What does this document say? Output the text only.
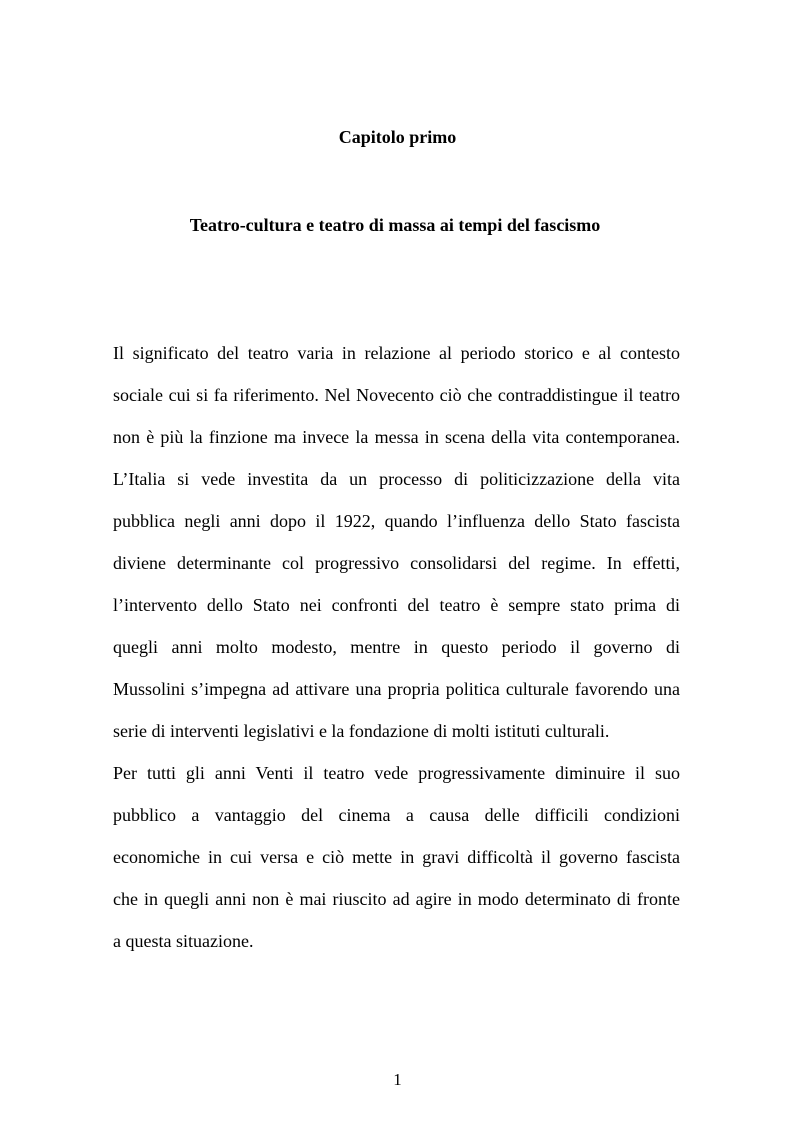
Capitolo primo
Teatro-cultura e teatro di massa ai tempi del fascismo
Il significato del teatro varia in relazione al periodo storico e al contesto
sociale cui si fa riferimento. Nel Novecento ciò che contraddistingue il teatro
non è più la finzione ma invece la messa in scena della vita contemporanea.
L’Italia si vede investita da un processo di politicizzazione della vita
pubblica negli anni dopo il 1922, quando l’influenza dello Stato fascista
diviene determinante col progressivo consolidarsi del regime. In effetti,
l’intervento dello Stato nei confronti del teatro è sempre stato prima di
quegli anni molto modesto, mentre in questo periodo il governo di
Mussolini s’impegna ad attivare una propria politica culturale favorendo una
serie di interventi legislativi e la fondazione di molti istituti culturali.
Per tutti gli anni Venti il teatro vede progressivamente diminuire il suo
pubblico a vantaggio del cinema a causa delle difficili condizioni
economiche in cui versa e ciò mette in gravi difficoltà il governo fascista
che in quegli anni non è mai riuscito ad agire in modo determinato di fronte
a questa situazione.
1
